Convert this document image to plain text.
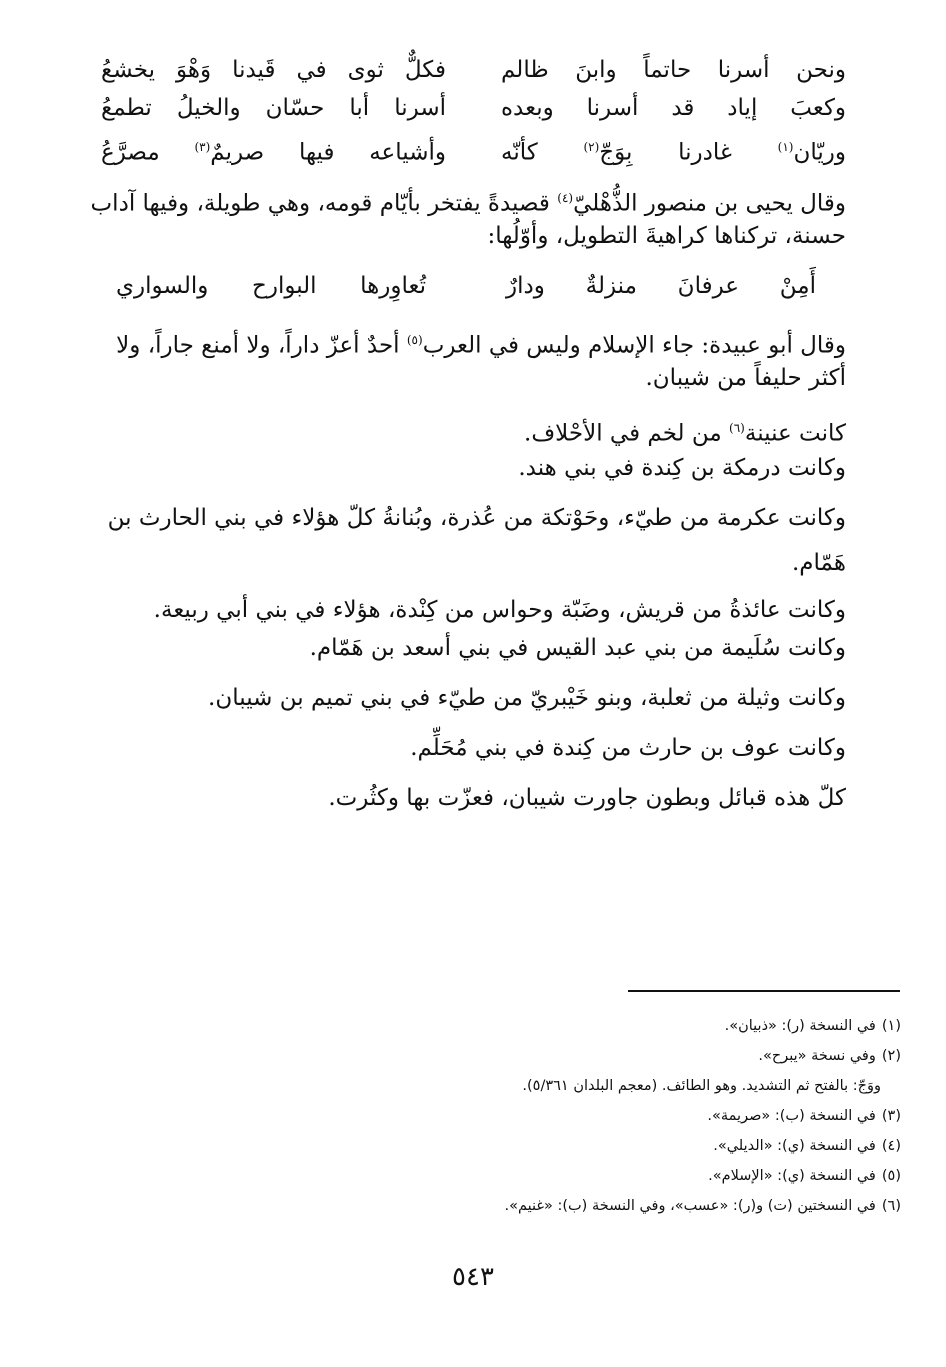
ونحن أسرنا حاتماً وابنَ ظالم
فكلٌّ ثوى في قَيدنا وَهْوَ يخشعُ
وكعبَ إياد قد أسرنا وبعده
أسرنا أبا حسّان والخيلُ تطمعُ
وريّان$^{(١)}$ غادرنا بِوَجّ$^{(٢)}$ كأنّه
وأشياعه فيها صريمٌ$^{(٣)}$ مصرَّعُ
وقال يحيى بن منصور الذُّهْليّ$^{(٤)}$ قصيدةً يفتخر بأيّام قومه، وهي طويلة، وفيها آداب
حسنة، تركناها كراهيةَ التطويل، وأوّلُها:
أَمِنْ عرفانَ منزلةٌ ودارٌ
تُعاوِرها البوارح والسواري
وقال أبو عبيدة: جاء الإسلام وليس في العرب$^{(٥)}$ أحدٌ أعزّ داراً، ولا أمنع جاراً، ولا
أكثر حليفاً من شيبان.
كانت عنينة$^{(٦)}$ من لخم في الأحْلاف.
وكانت درمكة بن كِندة في بني هند.
وكانت عكرمة من طيّء، وحَوْتكة من عُذرة، وبُنانةُ كلّ هؤلاء في بني الحارث بن
هَمّام.
وكانت عائذةُ من قريش، وضَبّة وحواس من كِنْدة، هؤلاء في بني أبي ربيعة.
وكانت سُلَيمة من بني عبد القيس في بني أسعد بن هَمّام.
وكانت وثيلة من ثعلبة، وبنو خَيْبريّ من طيّء في بني تميم بن شيبان.
وكانت عوف بن حارث من كِندة في بني مُحَلِّم.
كلّ هذه قبائل وبطون جاورت شيبان، فعزّت بها وكثُرت.
(١)في النسخة (ر): «ذبيان».
(٢)وفي نسخة «يبرح».
ووَجّ: بالفتح ثم التشديد. وهو الطائف. (معجم البلدان ٥/٣٦١).
(٣)في النسخة (ب): «صريمة».
(٤)في النسخة (ي): «الديلي».
(٥)في النسخة (ي): «الإسلام».
(٦)في النسختين (ت) و(ر): «عسب»، وفي النسخة (ب): «غنيم».
٥٤٣
